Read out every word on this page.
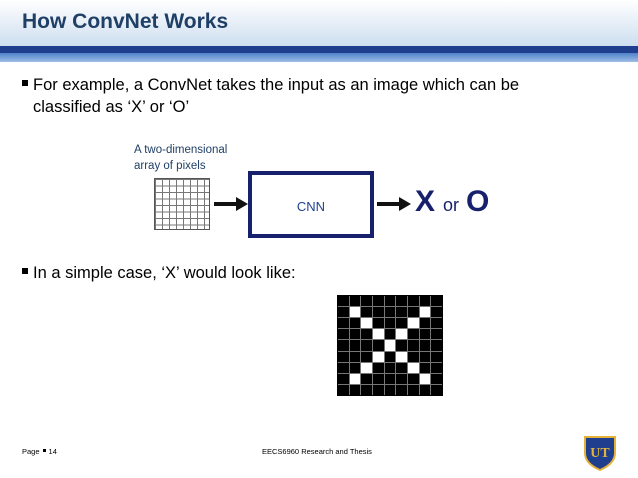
How ConvNet Works
For example, a ConvNet takes the input as an image which can be
classified as ‘X’ or ‘O’
A two-dimensional
array of pixels
CNN	Xor O
In a simple case, ‘X’ would look like:
Page 14	EECS6960 Research and Thesis	UT
